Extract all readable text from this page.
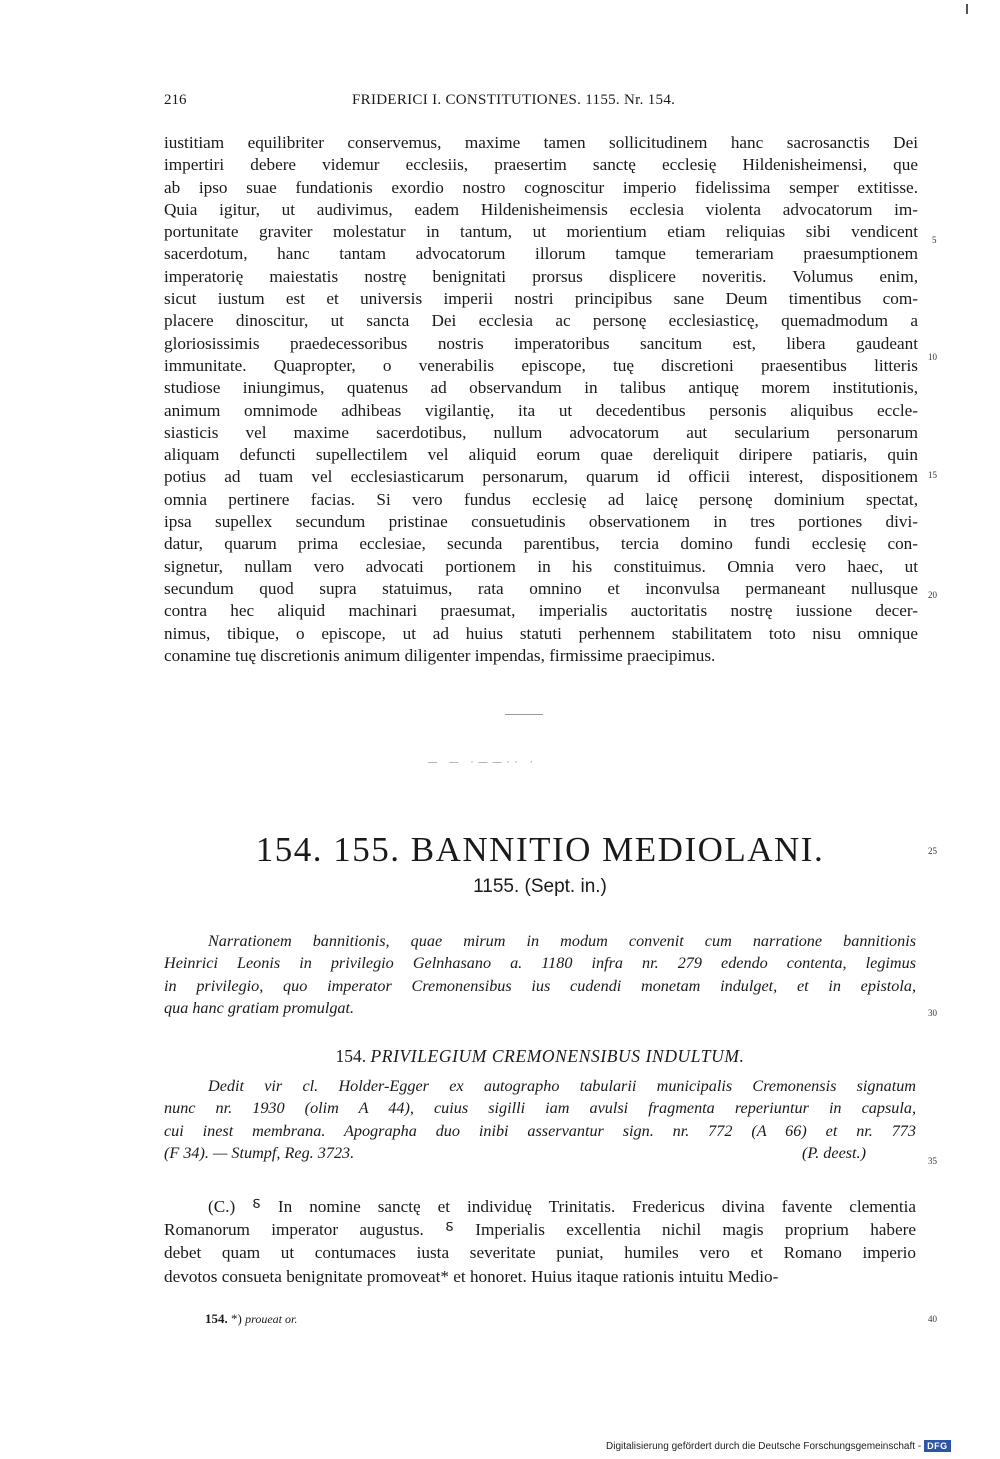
216	FRIDERICI I. CONSTITUTIONES. 1155. Nr. 154.
iustitiam equilibriter conservemus, maxime tamen sollicitudinem hanc sacrosanctis Dei
impertiri debere videmur ecclesiis, praesertim sanctę ecclesię Hildenisheimensi, que
ab ipso suae fundationis exordio nostro cognoscitur imperio fidelissima semper extitisse.
Quia igitur, ut audivimus, eadem Hildenisheimensis ecclesia violenta advocatorum im-
portunitate graviter molestatur in tantum, ut morientium etiam reliquias sibi vendicent
sacerdotum, hanc tantam advocatorum illorum tamque temerariam praesumptionem
imperatorię maiestatis nostrę benignitati prorsus displicere noveritis. Volumus enim,
sicut iustum est et universis imperii nostri principibus sane Deum timentibus com-
placere dinoscitur, ut sancta Dei ecclesia ac personę ecclesiasticę, quemadmodum a
gloriosissimis praedecessoribus nostris imperatoribus sancitum est, libera gaudeant
immunitate. Quapropter, o venerabilis episcope, tuę discretioni praesentibus litteris
studiose iniungimus, quatenus ad observandum in talibus antiquę morem institutionis,
animum omnimode adhibeas vigilantię, ita ut decedentibus personis aliquibus eccle-
siasticis vel maxime sacerdotibus, nullum advocatorum aut secularium personarum
aliquam defuncti supellectilem vel aliquid eorum quae dereliquit diripere patiaris, quin
potius ad tuam vel ecclesiasticarum personarum, quarum id officii interest, dispositionem
omnia pertinere facias. Si vero fundus ecclesię ad laicę personę dominium spectat,
ipsa supellex secundum pristinae consuetudinis observationem in tres portiones divi-
datur, quarum prima ecclesiae, secunda parentibus, tercia domino fundi ecclesię con-
signetur, nullam vero advocati portionem in his constituimus. Omnia vero haec, ut
secundum quod supra statuimus, rata omnino et inconvulsa permaneant nullusque
contra hec aliquid machinari praesumat, imperialis auctoritatis nostrę iussione decer-
nimus, tibique, o episcope, ut ad huius statuti perhennem stabilitatem toto nisu omnique
conamine tuę discretionis animum diligenter impendas, firmissime praecipimus.
5
10
15
20
— — ·——·· ·
154. 155. BANNITIO MEDIOLANI.	25
1155. (Sept. in.)
Narrationem bannitionis, quae mirum in modum convenit cum narratione bannitionis
Heinrici Leonis in privilegio Gelnhasano a. 1180 infra nr. 279 edendo contenta, legimus
in privilegio, quo imperator Cremonensibus ius cudendi monetam indulget, et in epistola,
qua hanc gratiam promulgat.	30
154. PRIVILEGIUM CREMONENSIBUS INDULTUM.
Dedit vir cl. Holder-Egger ex autographo tabularii municipalis Cremonensis signatum
nunc nr. 1930 (olim A 44), cuius sigilli iam avulsi fragmenta reperiuntur in capsula,
cui inest membrana. Apographa duo inibi asservantur sign. nr. 772 (A 66) et nr. 773
(F 34). — Stumpf, Reg. 3723.	(P. deest.)	35
(C.) ⸹ In nomine sanctę et individuę Trinitatis. Fredericus divina favente clementia
Romanorum imperator augustus. ⸹ Imperialis excellentia nichil magis proprium habere
debet quam ut contumaces iusta severitate puniat, humiles vero et Romano imperio
devotos consueta benignitate promoveat* et honoret. Huius itaque rationis intuitu Medio-
154. *) proueat or.	40
Digitalisierung gefördert durch die Deutsche Forschungsgemeinschaft - DFG
